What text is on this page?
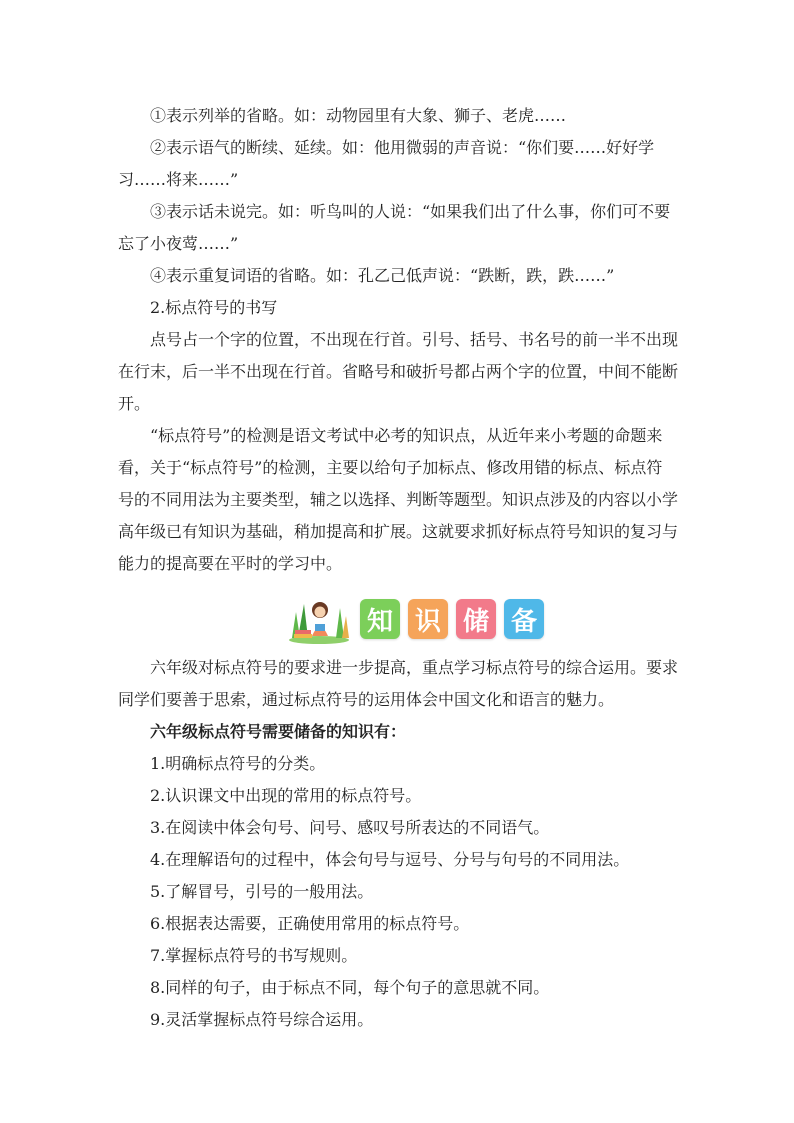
①表示列举的省略。如：动物园里有大象、狮子、老虎……

②表示语气的断续、延续。如：他用微弱的声音说：“你们要……好好学习……将来……”

③表示话未说完。如：听鸟叫的人说：“如果我们出了什么事，你们可不要忘了小夜莺……”

④表示重复词语的省略。如：孔乙己低声说：“跌断，跌，跌……”

2.标点符号的书写

点号占一个字的位置，不出现在行首。引号、括号、书名号的前一半不出现在行末，后一半不出现在行首。省略号和破折号都占两个字的位置，中间不能断开。

“标点符号”的检测是语文考试中必考的知识点，从近年来小考题的命题来看，关于“标点符号”的检测，主要以给句子加标点、修改用错的标点、标点符号的不同用法为主要类型，辅之以选择、判断等题型。知识点涉及的内容以小学高年级已有知识为基础，稍加提高和扩展。这就要求抓好标点符号知识的复习与能力的提高要在平时的学习中。

知 识 储 备

六年级对标点符号的要求进一步提高，重点学习标点符号的综合运用。要求同学们要善于思索，通过标点符号的运用体会中国文化和语言的魅力。

六年级标点符号需要储备的知识有：

1.明确标点符号的分类。

2.认识课文中出现的常用的标点符号。

3.在阅读中体会句号、问号、感叹号所表达的不同语气。

4.在理解语句的过程中，体会句号与逗号、分号与句号的不同用法。

5.了解冒号，引号的一般用法。

6.根据表达需要，正确使用常用的标点符号。

7.掌握标点符号的书写规则。

8.同样的句子，由于标点不同，每个句子的意思就不同。

9.灵活掌握标点符号综合运用。
